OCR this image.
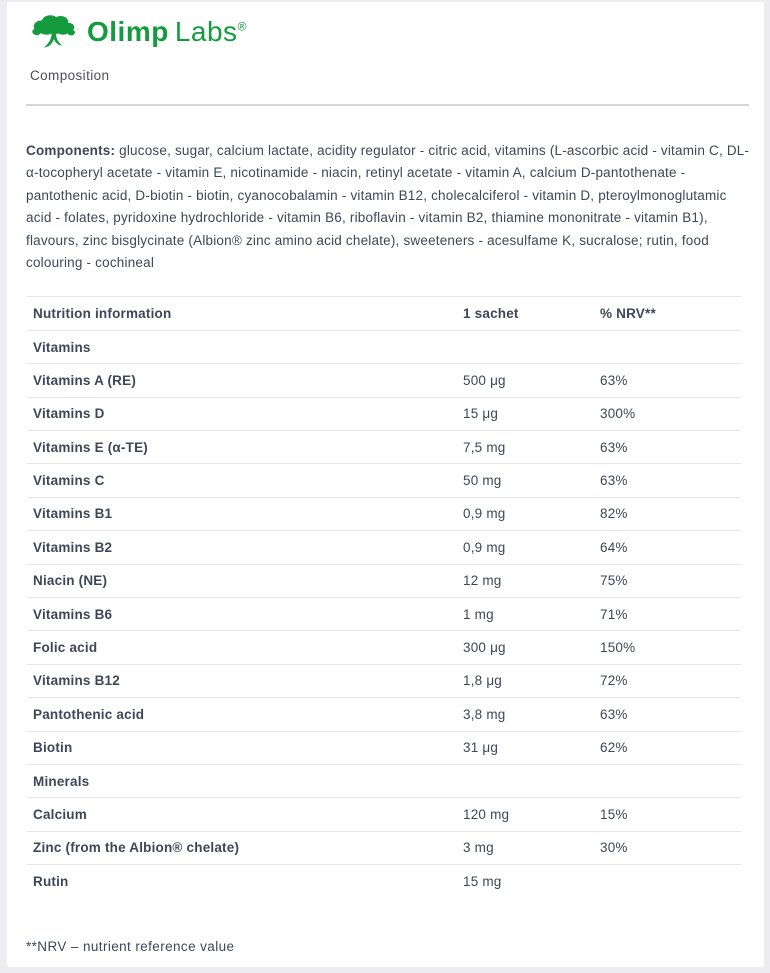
Olimp Labs®
Composition

Components: glucose, sugar, calcium lactate, acidity regulator - citric acid, vitamins (L-ascorbic acid - vitamin C, DL-α-tocopheryl acetate - vitamin E, nicotinamide - niacin, retinyl acetate - vitamin A, calcium D-pantothenate - pantothenic acid, D-biotin - biotin, cyanocobalamin - vitamin B12, cholecalciferol - vitamin D, pteroylmonoglutamic acid - folates, pyridoxine hydrochloride - vitamin B6, riboflavin - vitamin B2, thiamine mononitrate - vitamin B1), flavours, zinc bisglycinate (Albion® zinc amino acid chelate), sweeteners - acesulfame K, sucralose; rutin, food colouring - cochineal

Nutrition information	1 sachet	% NRV**
Vitamins
Vitamins A (RE)	500 μg	63%
Vitamins D	15 μg	300%
Vitamins E (α-TE)	7,5 mg	63%
Vitamins C	50 mg	63%
Vitamins B1	0,9 mg	82%
Vitamins B2	0,9 mg	64%
Niacin (NE)	12 mg	75%
Vitamins B6	1 mg	71%
Folic acid	300 μg	150%
Vitamins B12	1,8 μg	72%
Pantothenic acid	3,8 mg	63%
Biotin	31 μg	62%
Minerals
Calcium	120 mg	15%
Zinc (from the Albion® chelate)	3 mg	30%
Rutin	15 mg
**NRV – nutrient reference value
